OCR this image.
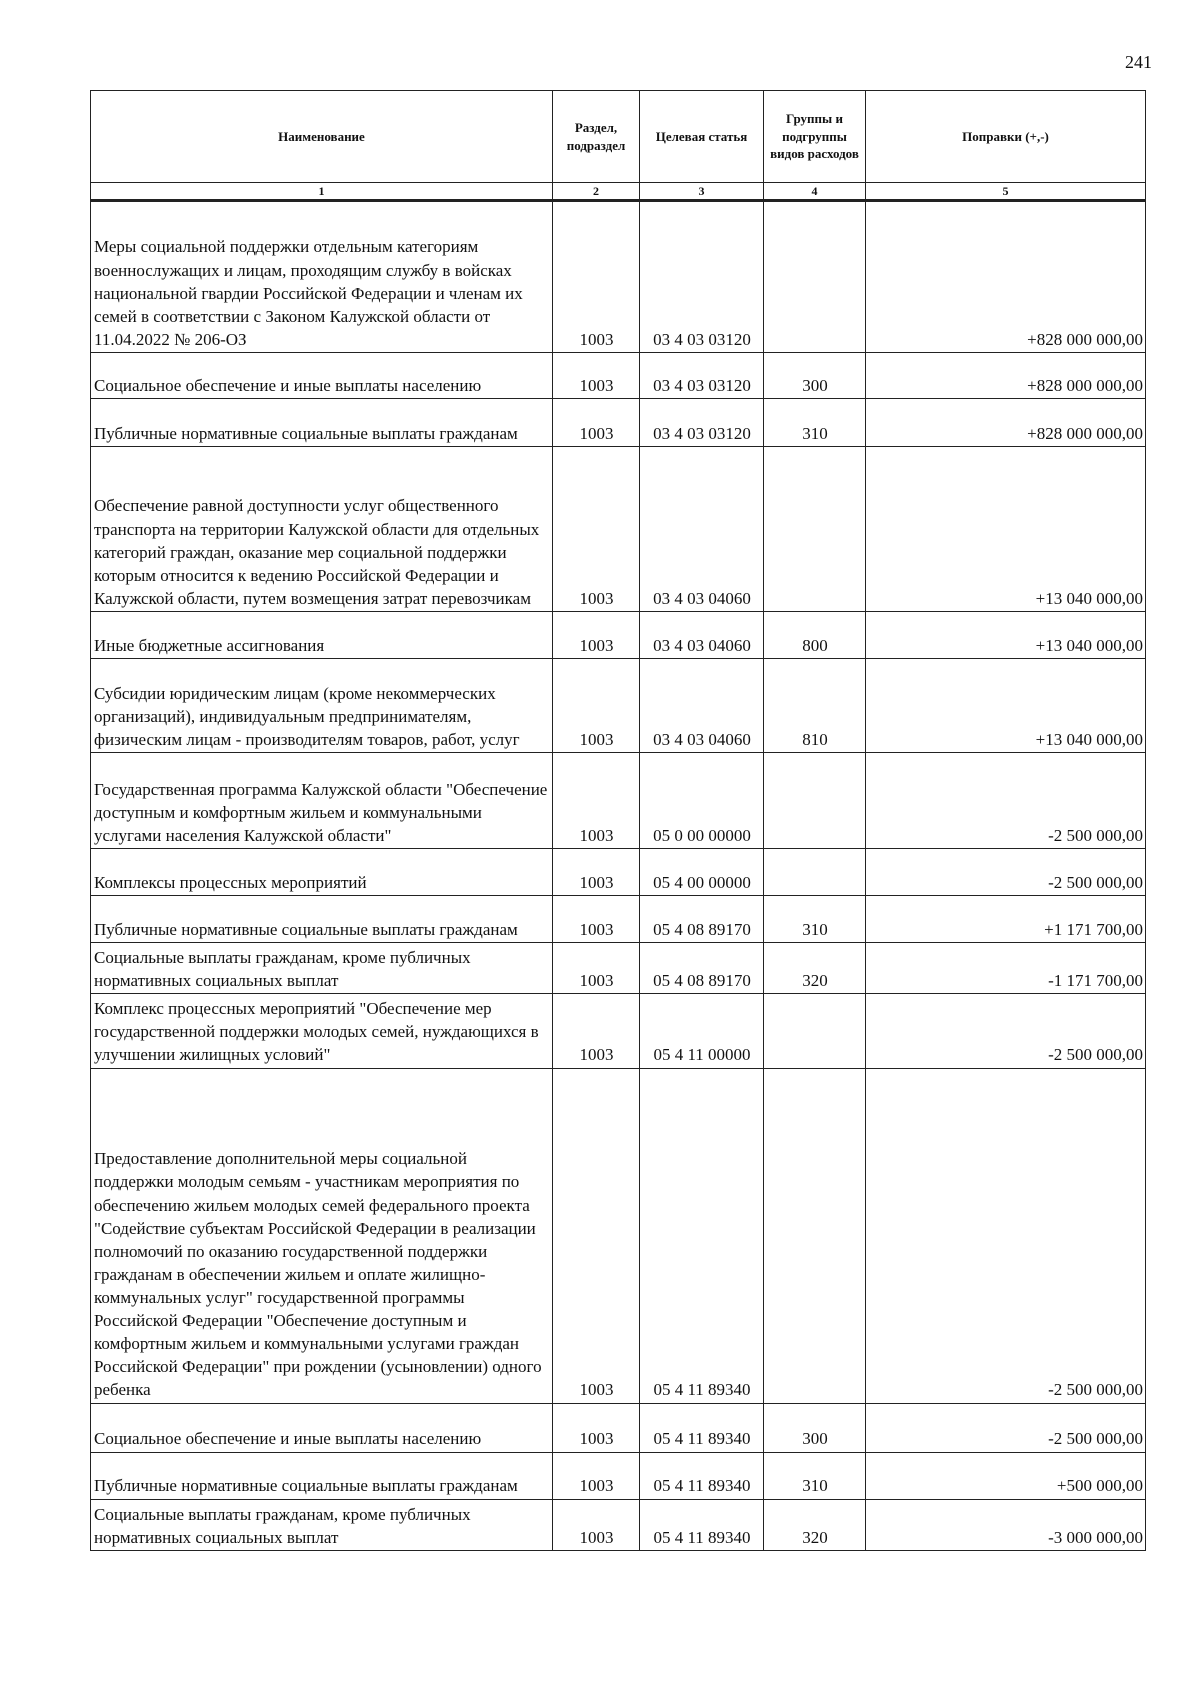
241
Наименование	Раздел, подраздел	Целевая статья	Группы и подгруппы видов расходов	Поправки (+,-)
1	2	3	4	5
Меры социальной поддержки отдельным категориям военнослужащих и лицам, проходящим службу в войсках национальной гвардии Российской Федерации и членам их семей в соответствии с Законом Калужской области от 11.04.2022 № 206-ОЗ	1003	03 4 03 03120		+828 000 000,00
Социальное обеспечение и иные выплаты населению	1003	03 4 03 03120	300	+828 000 000,00
Публичные нормативные социальные выплаты гражданам	1003	03 4 03 03120	310	+828 000 000,00
Обеспечение равной доступности услуг общественного транспорта на территории Калужской области для отдельных категорий граждан, оказание мер социальной поддержки которым относится к ведению Российской Федерации и Калужской области, путем возмещения затрат перевозчикам	1003	03 4 03 04060		+13 040 000,00
Иные бюджетные ассигнования	1003	03 4 03 04060	800	+13 040 000,00
Субсидии юридическим лицам (кроме некоммерческих организаций), индивидуальным предпринимателям, физическим лицам - производителям товаров, работ, услуг	1003	03 4 03 04060	810	+13 040 000,00
Государственная программа Калужской области "Обеспечение доступным и комфортным жильем и коммунальными услугами населения Калужской области"	1003	05 0 00 00000		-2 500 000,00
Комплексы процессных мероприятий	1003	05 4 00 00000		-2 500 000,00
Публичные нормативные социальные выплаты гражданам	1003	05 4 08 89170	310	+1 171 700,00
Социальные выплаты гражданам, кроме публичных нормативных социальных выплат	1003	05 4 08 89170	320	-1 171 700,00
Комплекс процессных мероприятий "Обеспечение мер государственной поддержки молодых семей, нуждающихся в улучшении жилищных условий"	1003	05 4 11 00000		-2 500 000,00
Предоставление дополнительной меры социальной поддержки молодым семьям - участникам мероприятия по обеспечению жильем молодых семей федерального проекта "Содействие субъектам Российской Федерации в реализации полномочий по оказанию государственной поддержки гражданам в обеспечении жильем и оплате жилищно-коммунальных услуг" государственной программы Российской Федерации "Обеспечение доступным и комфортным жильем и коммунальными услугами граждан Российской Федерации" при рождении (усыновлении) одного ребенка	1003	05 4 11 89340		-2 500 000,00
Социальное обеспечение и иные выплаты населению	1003	05 4 11 89340	300	-2 500 000,00
Публичные нормативные социальные выплаты гражданам	1003	05 4 11 89340	310	+500 000,00
Социальные выплаты гражданам, кроме публичных нормативных социальных выплат	1003	05 4 11 89340	320	-3 000 000,00
